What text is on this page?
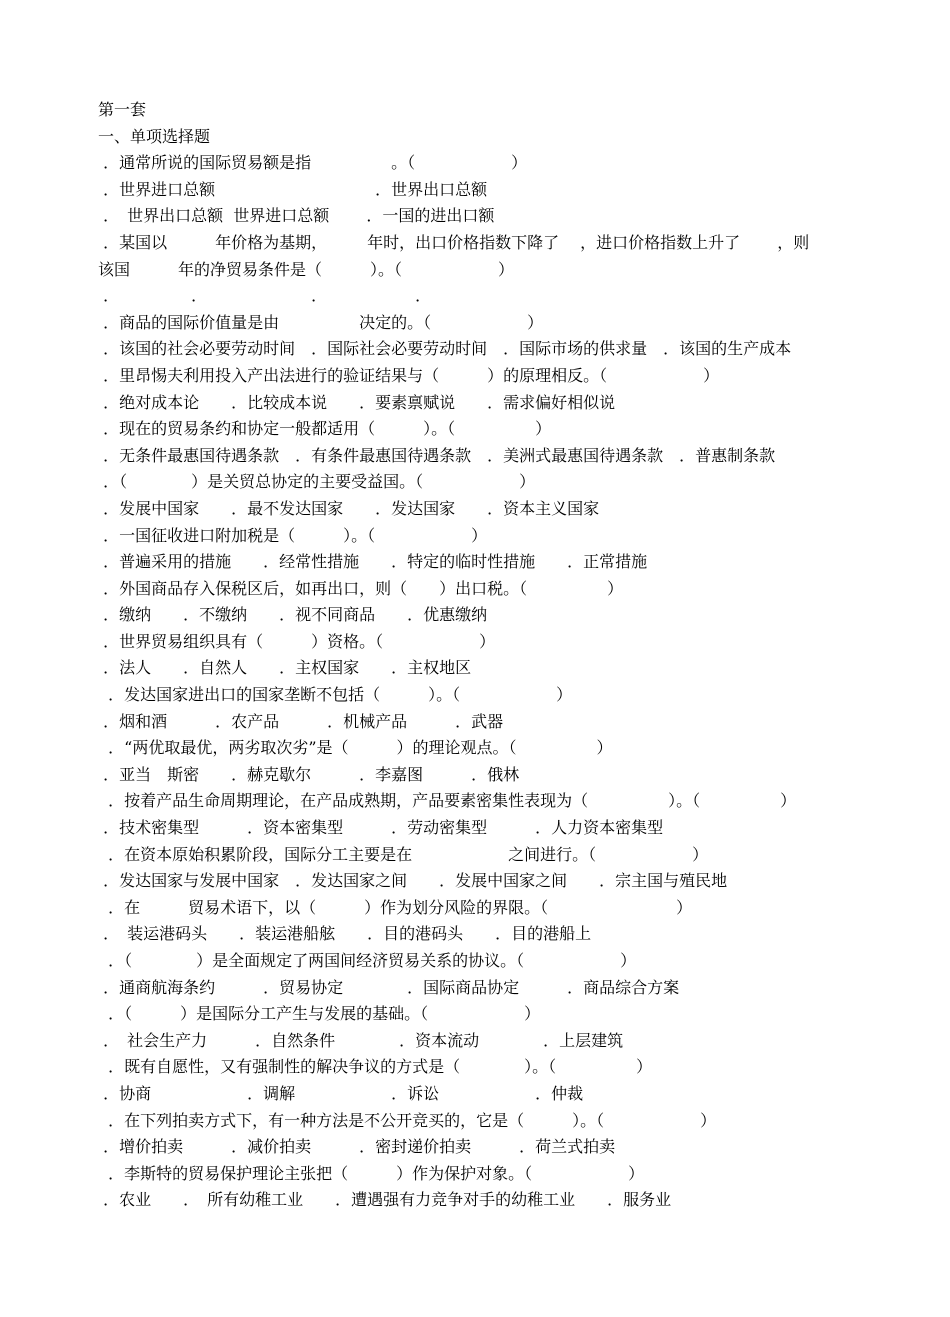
第一套
一、单项选择题
．通常所说的国际贸易额是指　　　　　。（　　　　　　）
．世界进口总额　　　　　　　　　　．世界出口总额
．　世界出口总额  世界进口总额　　 ．一国的进出口额
．某国以　　　年价格为基期，　　　年时，出口价格指数下降了　 ，进口价格指数上升了　　 ，则
该国　　　年的净贸易条件是（　　　）。（　　　　　　）
．　　　　　．　　　　　　　．　　　　　　．
．商品的国际价值量是由　　　　　决定的。（　　　　　　）
．该国的社会必要劳动时间　．国际社会必要劳动时间　．国际市场的供求量　．该国的生产成本
．里昂惕夫利用投入产出法进行的验证结果与（　　　）的原理相反。（　　　　　　）
．绝对成本论　　．比较成本说　　．要素禀赋说　　．需求偏好相似说
．现在的贸易条约和协定一般都适用（　　　）。（　　　　　）
．无条件最惠国待遇条款　．有条件最惠国待遇条款　．美洲式最惠国待遇条款　．普惠制条款
．（　　　　）是关贸总协定的主要受益国。（　　　　　　）
．发展中国家　　．最不发达国家　　．发达国家　　．资本主义国家
．一国征收进口附加税是（　　　）。（　　　　　　）
．普遍采用的措施　　．经常性措施　　．特定的临时性措施　　．正常措施
．外国商品存入保税区后，如再出口，则（　　）出口税。（　　　　　）
．缴纳　　．不缴纳　　．视不同商品　　．优惠缴纳
．世界贸易组织具有（　　　）资格。（　　　　　　）
．法人　　．自然人　　．主权国家　　．主权地区
．发达国家进出口的国家垄断不包括（　　　）。（　　　　　　）
．烟和酒　　　．农产品　　　．机械产品　　　．武器
．“两优取最优，两劣取次劣”是（　　　）的理论观点。（　　　　　）
．亚当　斯密　　．赫克歇尔　　　．李嘉图　　　．俄林
．按着产品生命周期理论，在产品成熟期，产品要素密集性表现为（　　　　　）。（　　　　　）
．技术密集型　　　．资本密集型　　　．劳动密集型　　　．人力资本密集型
．在资本原始积累阶段，国际分工主要是在　　　　　　之间进行。（　　　　　　）
．发达国家与发展中国家　．发达国家之间　　．发展中国家之间　　．宗主国与殖民地
．在　　　贸易术语下，以（　　　）作为划分风险的界限。（　　　　　　　　）
．　装运港码头　　．装运港船舷　　．目的港码头　　．目的港船上
．（　　　　）是全面规定了两国间经济贸易关系的协议。（　　　　　　）
．通商航海条约　　　．贸易协定　　　　．国际商品协定　　　．商品综合方案
．（　　　）是国际分工产生与发展的基础。（　　　　　　）
．　社会生产力　　　．自然条件　　　　．资本流动　　　　．上层建筑
．既有自愿性，又有强制性的解决争议的方式是（　　　　）。（　　　　　）
．协商　　　　　　．调解　　　　　　．诉讼　　　　　　．仲裁
．在下列拍卖方式下，有一种方法是不公开竞买的，它是（　　　）。（　　　　　　）
．增价拍卖　　　．减价拍卖　　　．密封递价拍卖　　　．荷兰式拍卖
．李斯特的贸易保护理论主张把（　　　）作为保护对象。（　　　　　　）
．农业　　．　所有幼稚工业　　．遭遇强有力竞争对手的幼稚工业　　．服务业
